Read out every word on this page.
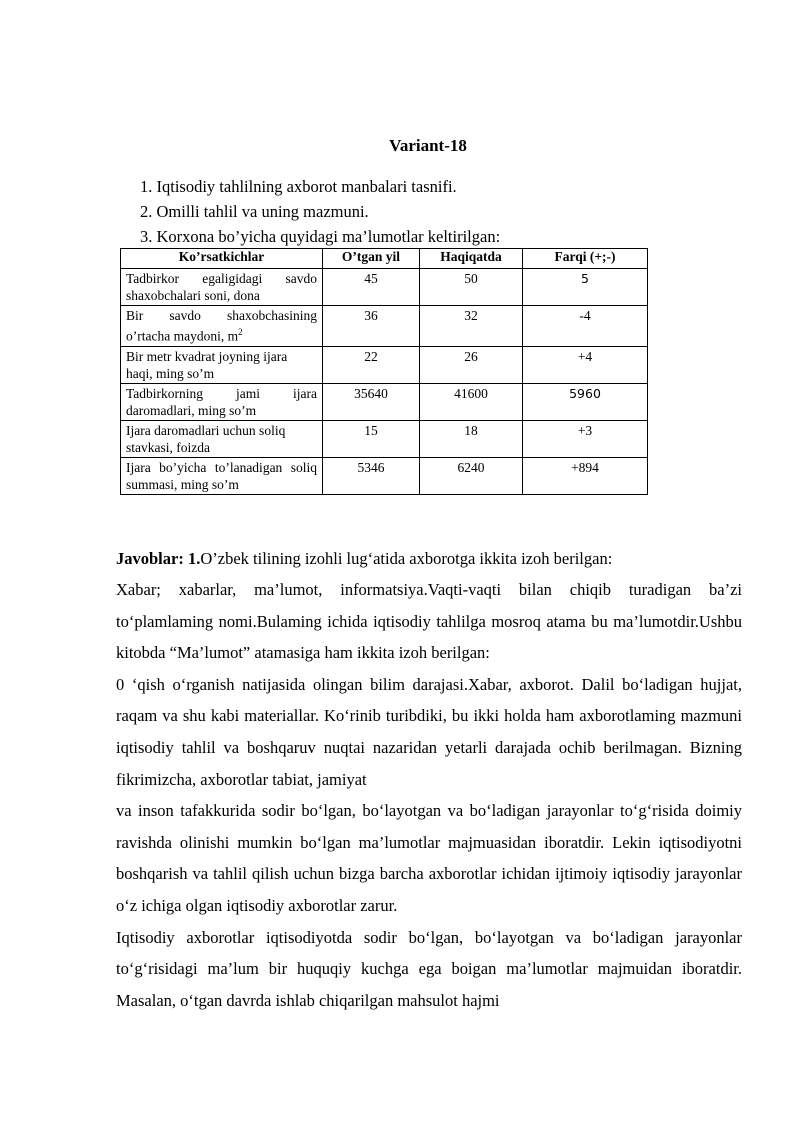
Variant-18
1. Iqtisodiy tahlilning axborot manbalari tasnifi.
2. Omilli tahlil va uning mazmuni.
3. Korxona bo’yicha quyidagi ma’lumotlar keltirilgan:
Ko’rsatkichlar	O’tgan yil	Haqiqatda	Farqi (+;-)
Tadbirkor egaligidagi savdo shaxobchalari soni, dona	45	50	5
Bir savdo shaxobchasining o’rtacha maydoni, $m^2$	36	32	-4
Bir metr kvadrat joyning ijara haqi, ming so’m	22	26	+4
Tadbirkorning jami ijara daromadlari, ming so’m	35640	41600	5960
Ijara daromadlari uchun soliq stavkasi, foizda	15	18	+3
Ijara bo’yicha to’lanadigan soliq summasi, ming so’m	5346	6240	+894

Javoblar: 1.O’zbek tilining izohli lug‘atida axborotga ikkita izoh berilgan:

Xabar; xabarlar, ma’lumot, informatsiya.Vaqti-vaqti bilan chiqib turadigan ba’zi to‘plamlaming nomi.Bulaming ichida iqtisodiy tahlilga mosroq atama bu ma’lumotdir.Ushbu kitobda “Ma’lumot” atamasiga ham ikkita izoh berilgan:

0 ‘qish o‘rganish natijasida olingan bilim darajasi.Xabar, axborot. Dalil bo‘ladigan hujjat, raqam va shu kabi materiallar. Ko‘rinib turibdiki, bu ikki holda ham axborotlaming mazmuni iqtisodiy tahlil va boshqaruv nuqtai nazaridan yetarli darajada ochib berilmagan. Bizning fikrimizcha, axborotlar tabiat, jamiyat

va inson tafakkurida sodir bo‘lgan, bo‘layotgan va bo‘ladigan jarayonlar to‘g‘risida doimiy ravishda olinishi mumkin bo‘lgan ma’lumotlar majmuasidan iboratdir. Lekin iqtisodiyotni boshqarish va tahlil qilish uchun bizga barcha axborotlar ichidan ijtimoiy iqtisodiy jarayonlar o‘z ichiga olgan iqtisodiy axborotlar zarur.

Iqtisodiy axborotlar iqtisodiyotda sodir bo‘lgan, bo‘layotgan va bo‘ladigan jarayonlar to‘g‘risidagi ma’lum bir huquqiy kuchga ega boigan ma’lumotlar majmuidan iboratdir. Masalan, o‘tgan davrda ishlab chiqarilgan mahsulot hajmi
